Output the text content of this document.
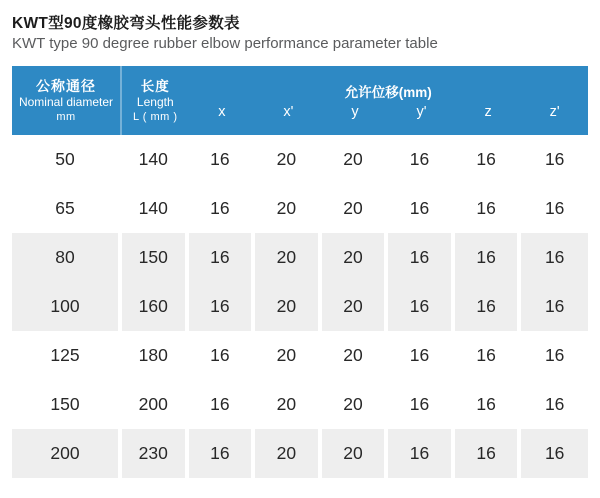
KWT型90度橡胶弯头性能参数表
KWT type 90 degree rubber elbow performance parameter table
公称通径
Nominal diameter
mm

长度
Length
L ( mm )
			允许位移(mm)		
		x	x'	y	y'	z	z'
50	140	16	20	20	16	16	16
65	140	16	20	20	16	16	16
80	150	16	20	20	16	16	16
100	160	16	20	20	16	16	16
125	180	16	20	20	16	16	16
150	200	16	20	20	16	16	16
200	230	16	20	20	16	16	16
